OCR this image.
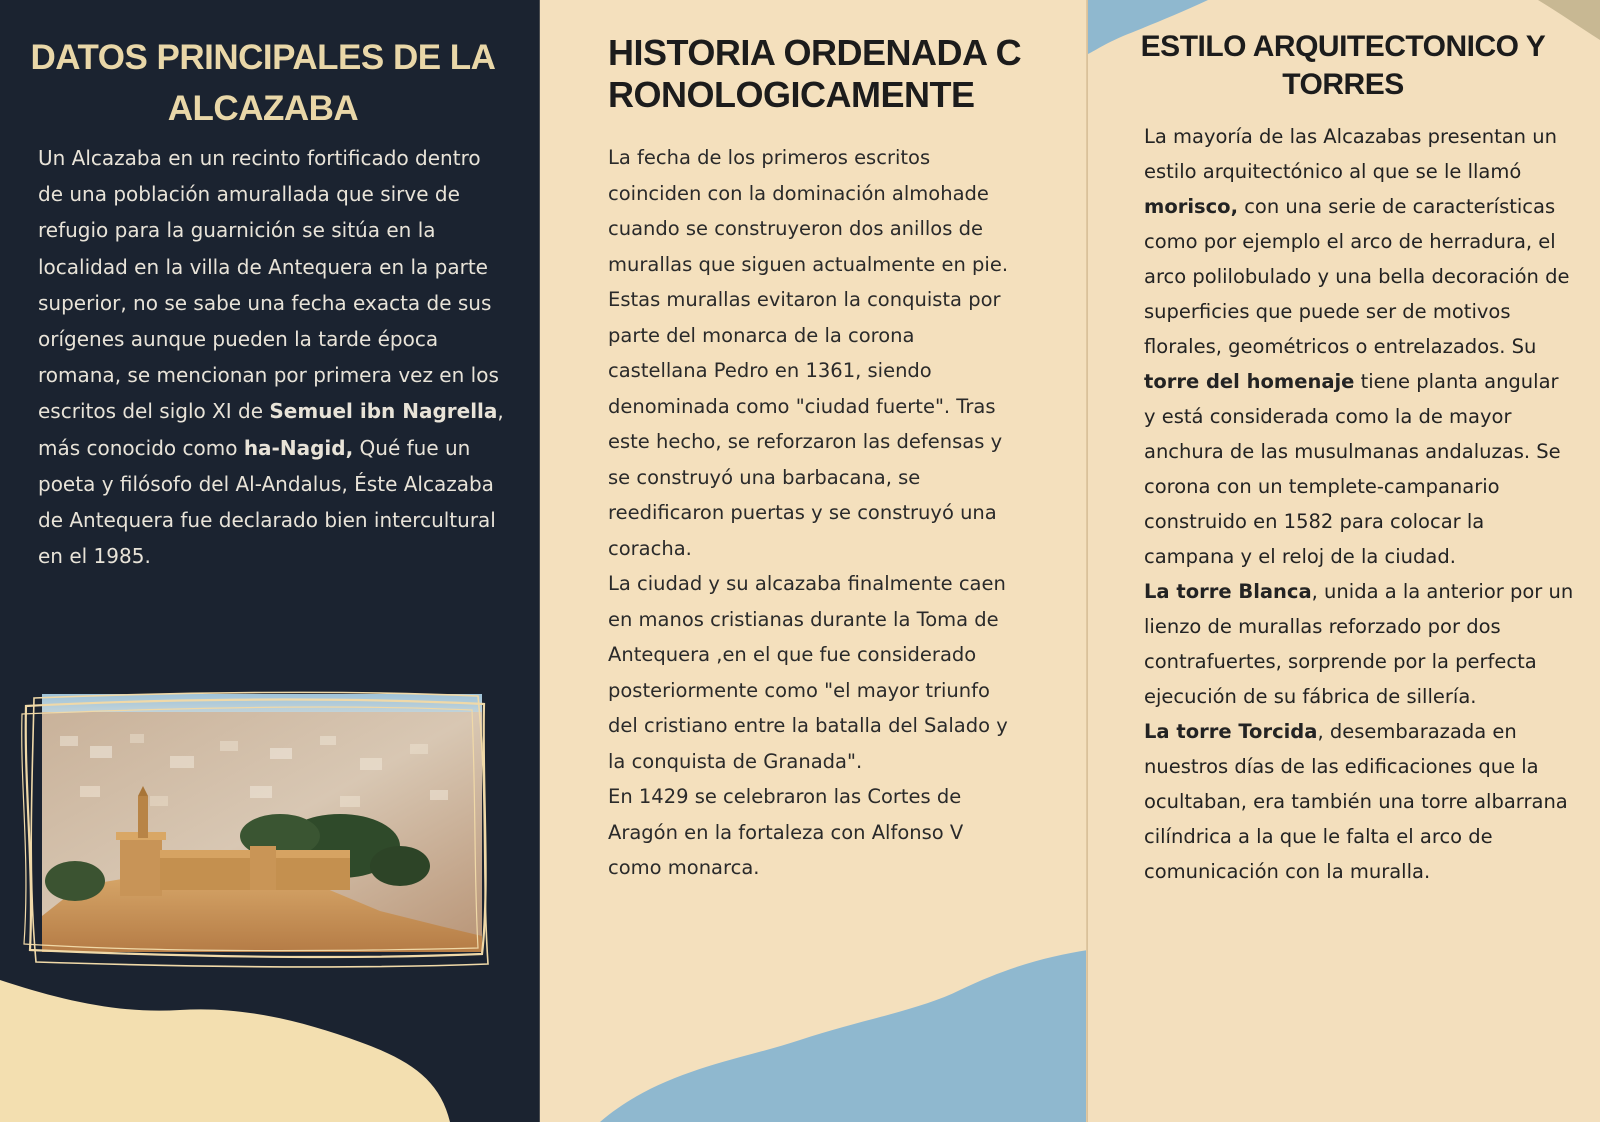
DATOS PRINCIPALES DE LA ALCAZABA

Un Alcazaba en un recinto fortificado dentro de una población amurallada que sirve de refugio para la guarnición se sitúa en la localidad en la villa de Antequera en la parte superior, no se sabe una fecha exacta de sus orígenes aunque pueden la tarde época romana, se mencionan por primera vez en los escritos del siglo XI de Semuel ibn Nagrella, más conocido como ha-Nagid, Qué fue un poeta y filósofo del Al-Andalus, Éste Alcazaba de Antequera fue declarado bien intercultural en el 1985.

HISTORIA ORDENADA CRONOLOGICAMENTE

La fecha de los primeros escritos coinciden con la dominación almohade cuando se construyeron dos anillos de murallas que siguen actualmente en pie. Estas murallas evitaron la conquista por parte del monarca de la corona castellana Pedro en 1361, siendo denominada como "ciudad fuerte". Tras este hecho, se reforzaron las defensas y se construyó una barbacana, se reedificaron puertas y se construyó una coracha.

La ciudad y su alcazaba finalmente caen en manos cristianas durante la Toma de Antequera ,en el que fue considerado posteriormente como "el mayor triunfo del cristiano entre la batalla del Salado y la conquista de Granada".

En 1429 se celebraron las Cortes de Aragón en la fortaleza con Alfonso V como monarca.

ESTILO ARQUITECTONICO Y TORRES

La mayoría de las Alcazabas presentan un estilo arquitectónico al que se le llamó morisco, con una serie de características como por ejemplo el arco de herradura, el arco polilobulado y una bella decoración de superficies que puede ser de motivos florales, geométricos o entrelazados. Su torre del homenaje tiene planta angular y está considerada como la de mayor anchura de las musulmanas andaluzas. Se corona con un templete-campanario construido en 1582 para colocar la campana y el reloj de la ciudad.

La torre Blanca, unida a la anterior por un lienzo de murallas reforzado por dos contrafuertes, sorprende por la perfecta ejecución de su fábrica de sillería.

La torre Torcida, desembarazada en nuestros días de las edificaciones que la ocultaban, era también una torre albarrana cilíndrica a la que le falta el arco de comunicación con la muralla.
